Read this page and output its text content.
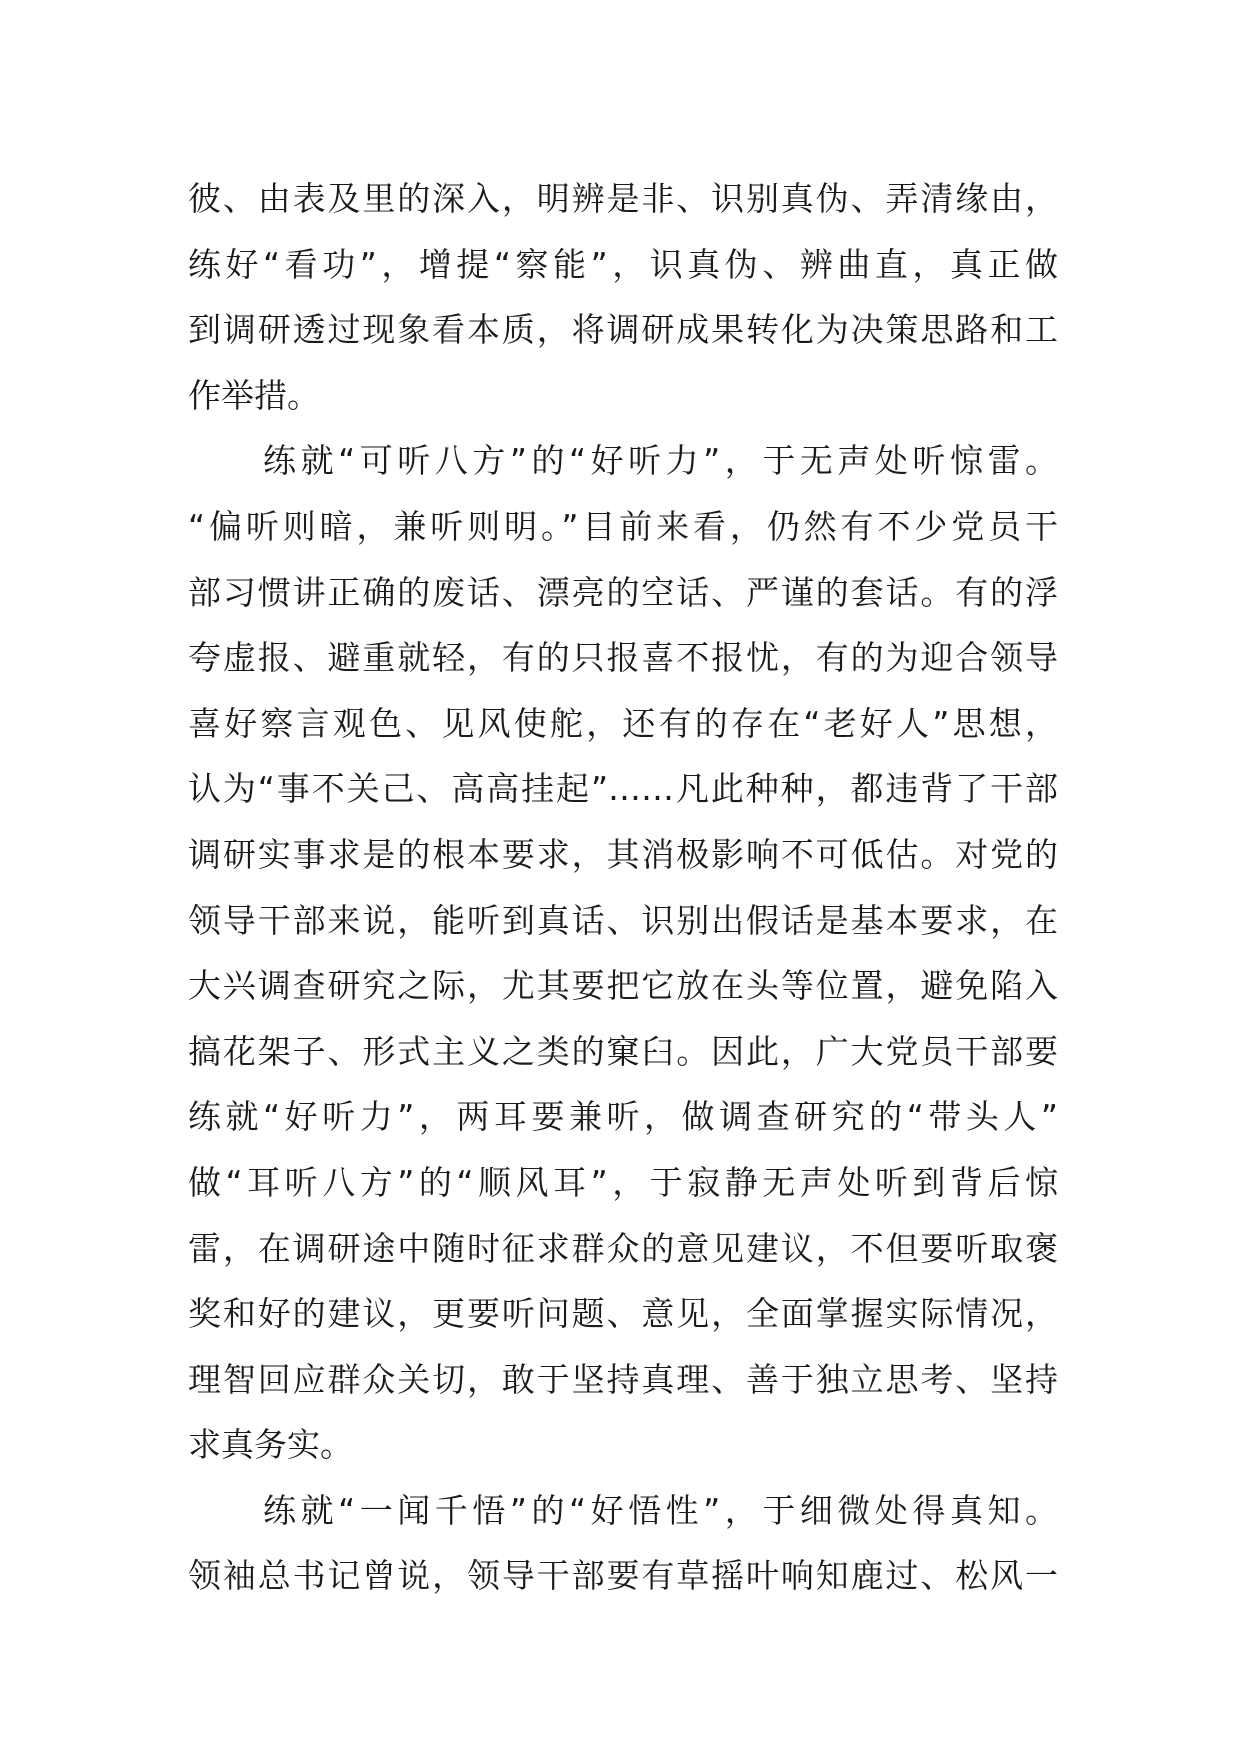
彼、由表及里的深入，明辨是非、识别真伪、弄清缘由，
练好“看功”，增提“察能”，识真伪、辨曲直，真正做
到调研透过现象看本质，将调研成果转化为决策思路和工
作举措。
　　练就“可听八方”的“好听力”，于无声处听惊雷。
“偏听则暗，兼听则明。”目前来看，仍然有不少党员干
部习惯讲正确的废话、漂亮的空话、严谨的套话。有的浮
夸虚报、避重就轻，有的只报喜不报忧，有的为迎合领导
喜好察言观色、见风使舵，还有的存在“老好人”思想，
认为“事不关己、高高挂起”……凡此种种，都违背了干部
调研实事求是的根本要求，其消极影响不可低估。对党的
领导干部来说，能听到真话、识别出假话是基本要求，在
大兴调查研究之际，尤其要把它放在头等位置，避免陷入
搞花架子、形式主义之类的窠臼。因此，广大党员干部要
练就“好听力”，两耳要兼听，做调查研究的“带头人”
做“耳听八方”的“顺风耳”，于寂静无声处听到背后惊
雷，在调研途中随时征求群众的意见建议，不但要听取褒
奖和好的建议，更要听问题、意见，全面掌握实际情况，
理智回应群众关切，敢于坚持真理、善于独立思考、坚持
求真务实。
　　练就“一闻千悟”的“好悟性”，于细微处得真知。
领袖总书记曾说，领导干部要有草摇叶响知鹿过、松风一
